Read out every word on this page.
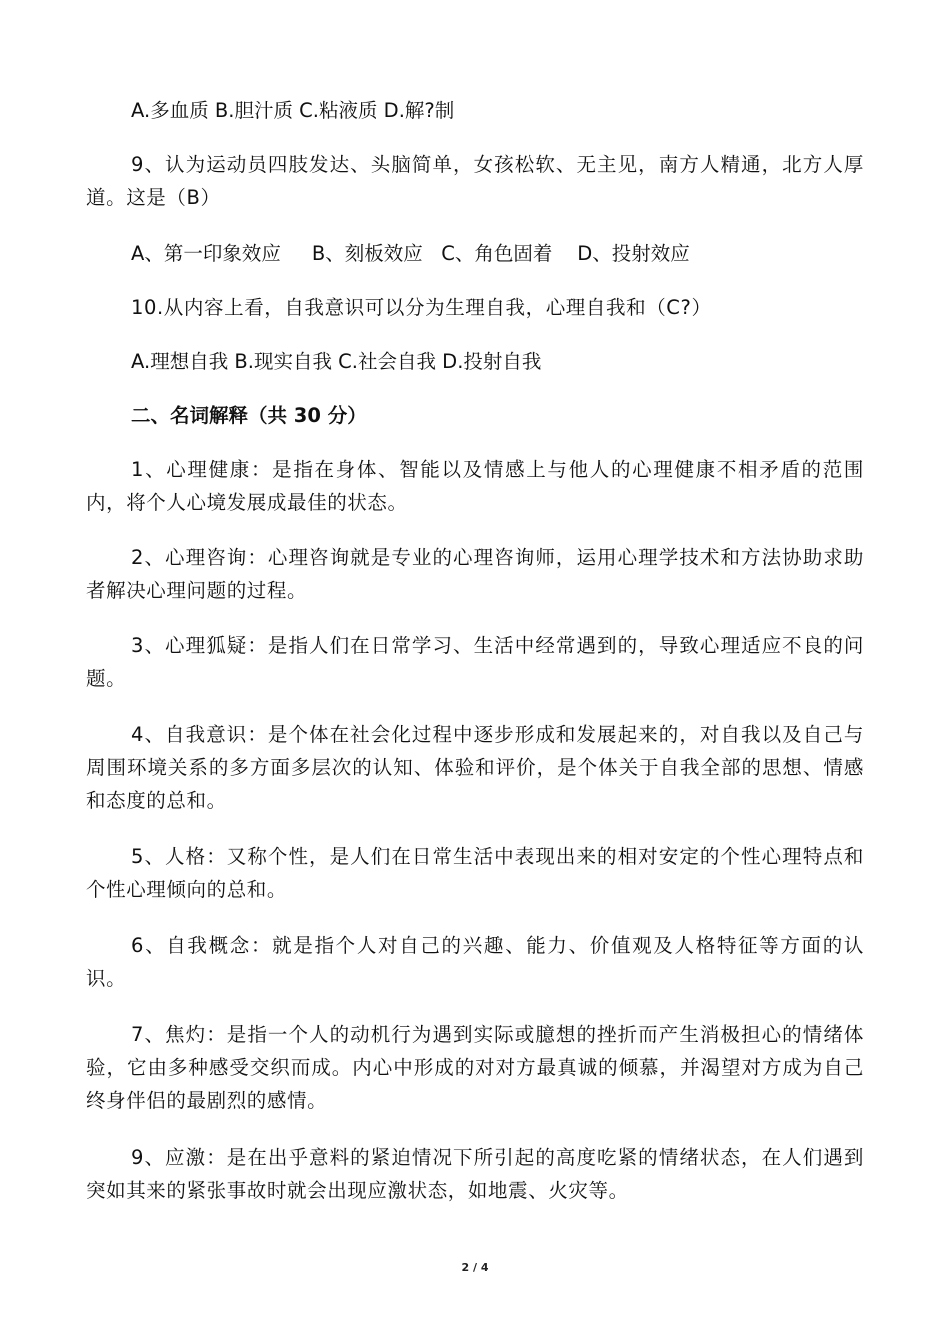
A.多血质 B.胆汁质 C.粘液质 D.解?制

9、认为运动员四肢发达、头脑简单，女孩松软、无主见，南方人精通，北方人厚道。这是（B）

A、第一印象效应     B、刻板效应   C、角色固着    D、投射效应

10.从内容上看，自我意识可以分为生理自我，心理自我和（C?）

A.理想自我 B.现实自我 C.社会自我 D.投射自我

二、名词解释（共 30 分）

1、心理健康：是指在身体、智能以及情感上与他人的心理健康不相矛盾的范围内，将个人心境发展成最佳的状态。

2、心理咨询：心理咨询就是专业的心理咨询师，运用心理学技术和方法协助求助者解决心理问题的过程。

3、心理狐疑：是指人们在日常学习、生活中经常遇到的，导致心理适应不良的问题。

4、自我意识：是个体在社会化过程中逐步形成和发展起来的，对自我以及自己与周围环境关系的多方面多层次的认知、体验和评价，是个体关于自我全部的思想、情感和态度的总和。

5、人格：又称个性，是人们在日常生活中表现出来的相对安定的个性心理特点和个性心理倾向的总和。

6、自我概念：就是指个人对自己的兴趣、能力、价值观及人格特征等方面的认识。

7、焦灼：是指一个人的动机行为遇到实际或臆想的挫折而产生消极担心的情绪体验，它由多种感受交织而成。内心中形成的对对方最真诚的倾慕，并渴望对方成为自己终身伴侣的最剧烈的感情。

9、应激：是在出乎意料的紧迫情况下所引起的高度吃紧的情绪状态，在人们遇到突如其来的紧张事故时就会出现应激状态，如地震、火灾等。

2 / 4
